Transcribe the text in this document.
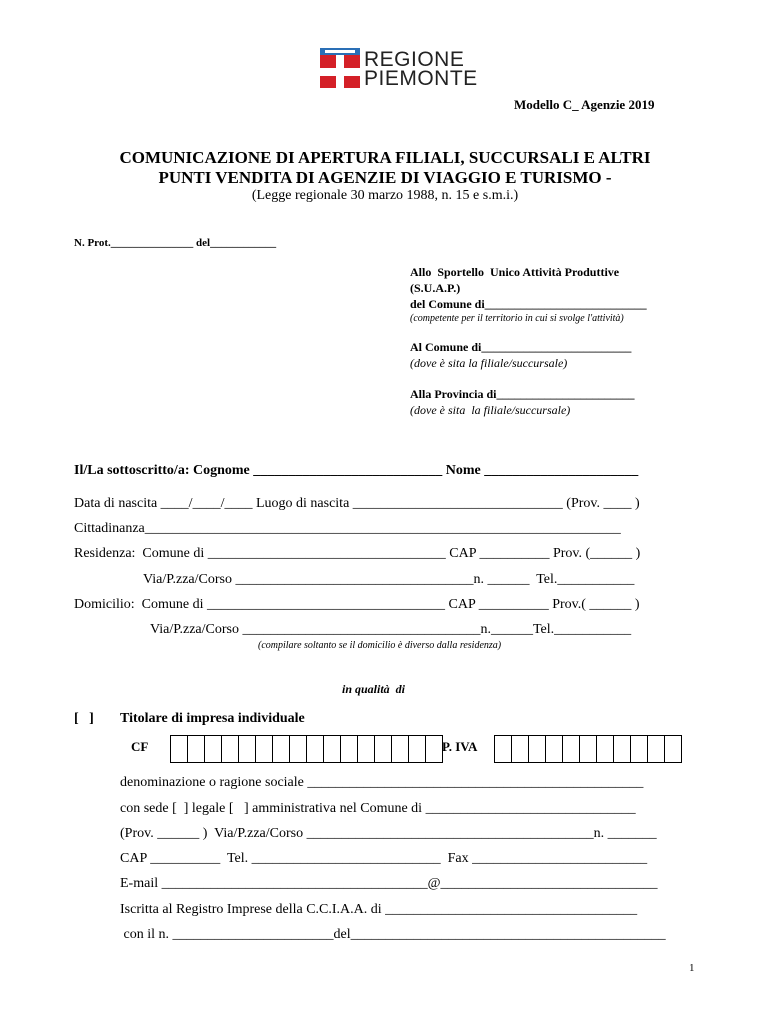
REGIONE

PIEMONTE

Modello C_ Agenzie 2019
COMUNICAZIONE DI APERTURA FILIALI, SUCCURSALI E ALTRI
PUNTI VENDITA DI AGENZIE DI VIAGGIO E TURISMO -
(Legge regionale 30 marzo 1988, n. 15 e s.m.i.)
N. Prot._______________ del____________
Allo  Sportello  Unico Attività Produttive
(S.U.A.P.)
del Comune di___________________________
(competente per il territorio in cui si svolge l'attività)
Al Comune di_________________________
(dove è sita la filiale/succursale)
Alla Provincia di_______________________
(dove è sita  la filiale/succursale)
Il/La sottoscritto/a: Cognome ___________________________ Nome ______________________
Data di nascita ____/____/____ Luogo di nascita ______________________________ (Prov. ____ )
Cittadinanza____________________________________________________________________
Residenza:  Comune di __________________________________ CAP __________ Prov. (______ )
Via/P.zza/Corso __________________________________n. ______  Tel.___________
Domicilio:  Comune di __________________________________ CAP __________ Prov.( ______ )
Via/P.zza/Corso __________________________________n.______Tel.___________
(compilare soltanto se il domicilio è diverso dalla residenza)
in qualità  di
[   ] Titolare di impresa individuale
CF	P. IVA
denominazione o ragione sociale ________________________________________________
con sede [  ] legale [   ] amministrativa nel Comune di ______________________________
(Prov. ______ )  Via/P.zza/Corso _________________________________________n. _______
CAP __________  Tel. ___________________________  Fax _________________________
E-mail ______________________________________@_______________________________
Iscritta al Registro Imprese della C.C.I.A.A. di ____________________________________
con il n. _______________________del_____________________________________________
1
